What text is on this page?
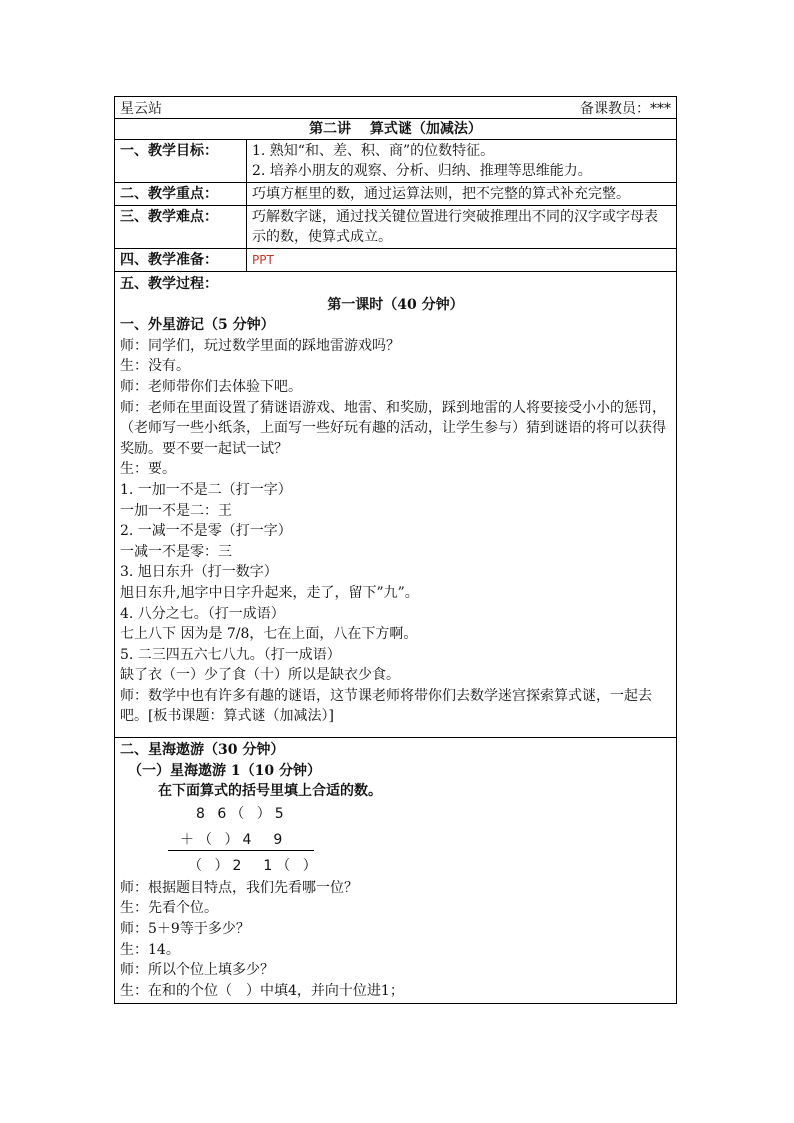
星云站	备课教员：***
第二讲　 算式谜（加减法）
一、教学目标：	1. 熟知“和、差、积、商”的位数特征。
2. 培养小朋友的观察、分析、归纳、推理等思维能力。
二、教学重点：	巧填方框里的数，通过运算法则，把不完整的算式补充完整。
三、教学难点：	巧解数字谜，通过找关键位置进行突破推理出不同的汉字或字母表示的数，使算式成立。
四、教学准备：	PPT

五、教学过程：

第一课时（40 分钟）

一、外星游记（5 分钟）

师：同学们，玩过数学里面的踩地雷游戏吗？

生：没有。

师：老师带你们去体验下吧。

师：老师在里面设置了猜谜语游戏、地雷、和奖励，踩到地雷的人将要接受小小的惩罚，（老师写一些小纸条，上面写一些好玩有趣的活动，让学生参与）猜到谜语的将可以获得奖励。要不要一起试一试？

生：要。

1. 一加一不是二（打一字）

一加一不是二：王

2. 一减一不是零（打一字）

一减一不是零：三

3. 旭日东升（打一数字）

旭日东升,旭字中日字升起来，走了，留下”九”。

4. 八分之七。（打一成语）

七上八下 因为是 7/8，七在上面，八在下方啊。

5. 二三四五六七八九。（打一成语）

缺了衣（一）少了食（十）所以是缺衣少食。

师：数学中也有许多有趣的谜语，这节课老师将带你们去数学迷宫探索算式谜，一起去吧。[板书课题：算式谜（加减法）]

二、星海遨游（30 分钟）

（一）星海遨游 1（10 分钟）

在下面算式的括号里填上合适的数。

8 6（ ）5
＋（ ）4　9
（ ）2　1（ ）

师：根据题目特点，我们先看哪一位？

生：先看个位。

师：5＋9等于多少？

生：14。

师：所以个位上填多少？

生：在和的个位（　）中填4，并向十位进1；
